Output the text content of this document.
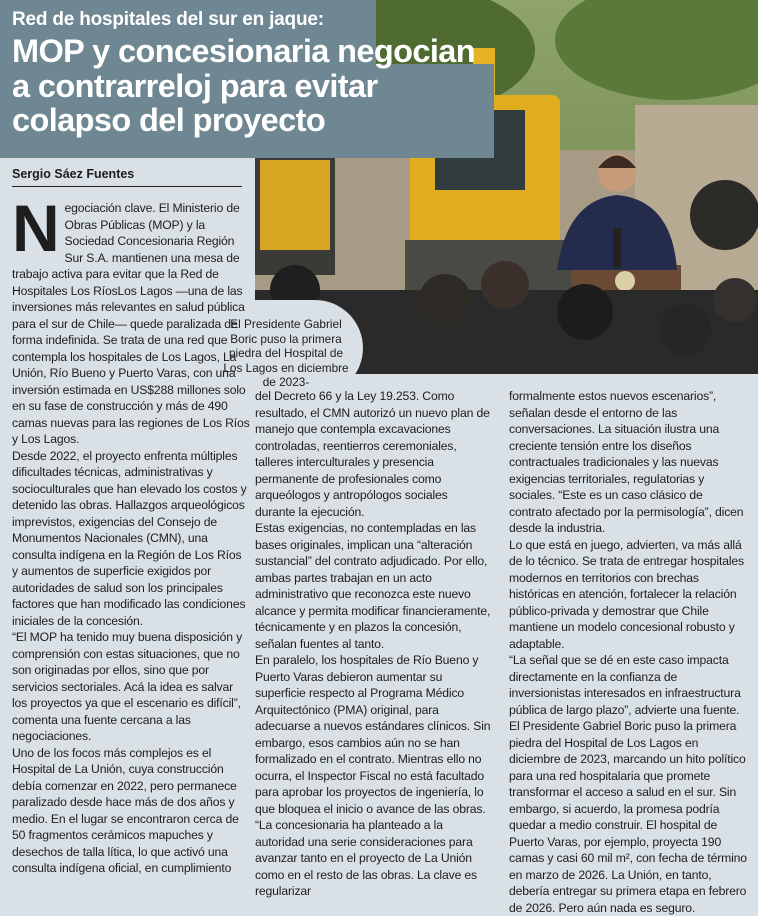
Red de hospitales del sur en jaque:
MOP y concesionaria negocian a contrarreloj para evitar colapso del proyecto
Sergio Sáez Fuentes
El Presidente Gabriel Boric puso la primera piedra del Hospital de Los Lagos en diciembre de 2023-

Negociación clave. El Ministerio de Obras Públicas (MOP) y la Sociedad Concesionaria Región Sur S.A. mantienen una mesa de trabajo activa para evitar que la Red de Hospitales Los RíosLos Lagos —una de las inversiones más relevantes en salud pública para el sur de Chile— quede paralizada de forma indefinida. Se trata de una red que contempla los hospitales de Los Lagos, La Unión, Río Bueno y Puerto Varas, con una inversión estimada en US$288 millones solo en su fase de construcción y más de 490 camas nuevas para las regiones de Los Ríos y Los Lagos.

Desde 2022, el proyecto enfrenta múltiples dificultades técnicas, administrativas y socioculturales que han elevado los costos y detenido las obras. Hallazgos arqueológicos imprevistos, exigencias del Consejo de Monumentos Nacionales (CMN), una consulta indígena en la Región de Los Ríos y aumentos de superficie exigidos por autoridades de salud son los principales factores que han modificado las condiciones iniciales de la concesión.

“El MOP ha tenido muy buena disposición y comprensión con estas situaciones, que no son originadas por ellos, sino que por servicios sectoriales. Acá la idea es salvar los proyectos ya que el escenario es difícil”, comenta una fuente cercana a las negociaciones.

Uno de los focos más complejos es el Hospital de La Unión, cuya construcción debía comenzar en 2022, pero permanece paralizado desde hace más de dos años y medio. En el lugar se encontraron cerca de 50 fragmentos cerámicos mapuches y desechos de talla lítica, lo que activó una consulta indígena oficial, en cumplimiento

del Decreto 66 y la Ley 19.253. Como resultado, el CMN autorizó un nuevo plan de manejo que contempla excavaciones controladas, reentierros ceremoniales, talleres interculturales y presencia permanente de profesionales como arqueólogos y antropólogos sociales durante la ejecución.

Estas exigencias, no contempladas en las bases originales, implican una “alteración sustancial” del contrato adjudicado. Por ello, ambas partes trabajan en un acto administrativo que reconozca este nuevo alcance y permita modificar financieramente, técnicamente y en plazos la concesión, señalan fuentes al tanto.

En paralelo, los hospitales de Río Bueno y Puerto Varas debieron aumentar su superficie respecto al Programa Médico Arquitectónico (PMA) original, para adecuarse a nuevos estándares clínicos. Sin embargo, esos cambios aún no se han formalizado en el contrato. Mientras ello no ocurra, el Inspector Fiscal no está facultado para aprobar los proyectos de ingeniería, lo que bloquea el inicio o avance de las obras.

“La concesionaria ha planteado a la autoridad una serie consideraciones para avanzar tanto en el proyecto de La Unión como en el resto de las obras. La clave es regularizar

formalmente estos nuevos escenarios”, señalan desde el entorno de las conversaciones. La situación ilustra una creciente tensión entre los diseños contractuales tradicionales y las nuevas exigencias territoriales, regulatorias y sociales. “Este es un caso clásico de contrato afectado por la permisología”, dicen desde la industria.

Lo que está en juego, advierten, va más allá de lo técnico. Se trata de entregar hospitales modernos en territorios con brechas históricas en atención, fortalecer la relación público-privada y demostrar que Chile mantiene un modelo concesional robusto y adaptable.

“La señal que se dé en este caso impacta directamente en la confianza de inversionistas interesados en infraestructura pública de largo plazo”, advierte una fuente.

El Presidente Gabriel Boric puso la primera piedra del Hospital de Los Lagos en diciembre de 2023, marcando un hito político para una red hospitalaria que promete transformar el acceso a salud en el sur. Sin embargo, si acuerdo, la promesa podría quedar a medio construir. El hospital de Puerto Varas, por ejemplo, proyecta 190 camas y casi 60 mil m², con fecha de término en marzo de 2026. La Unión, en tanto, debería entregar su primera etapa en febrero de 2026. Pero aún nada es seguro.
